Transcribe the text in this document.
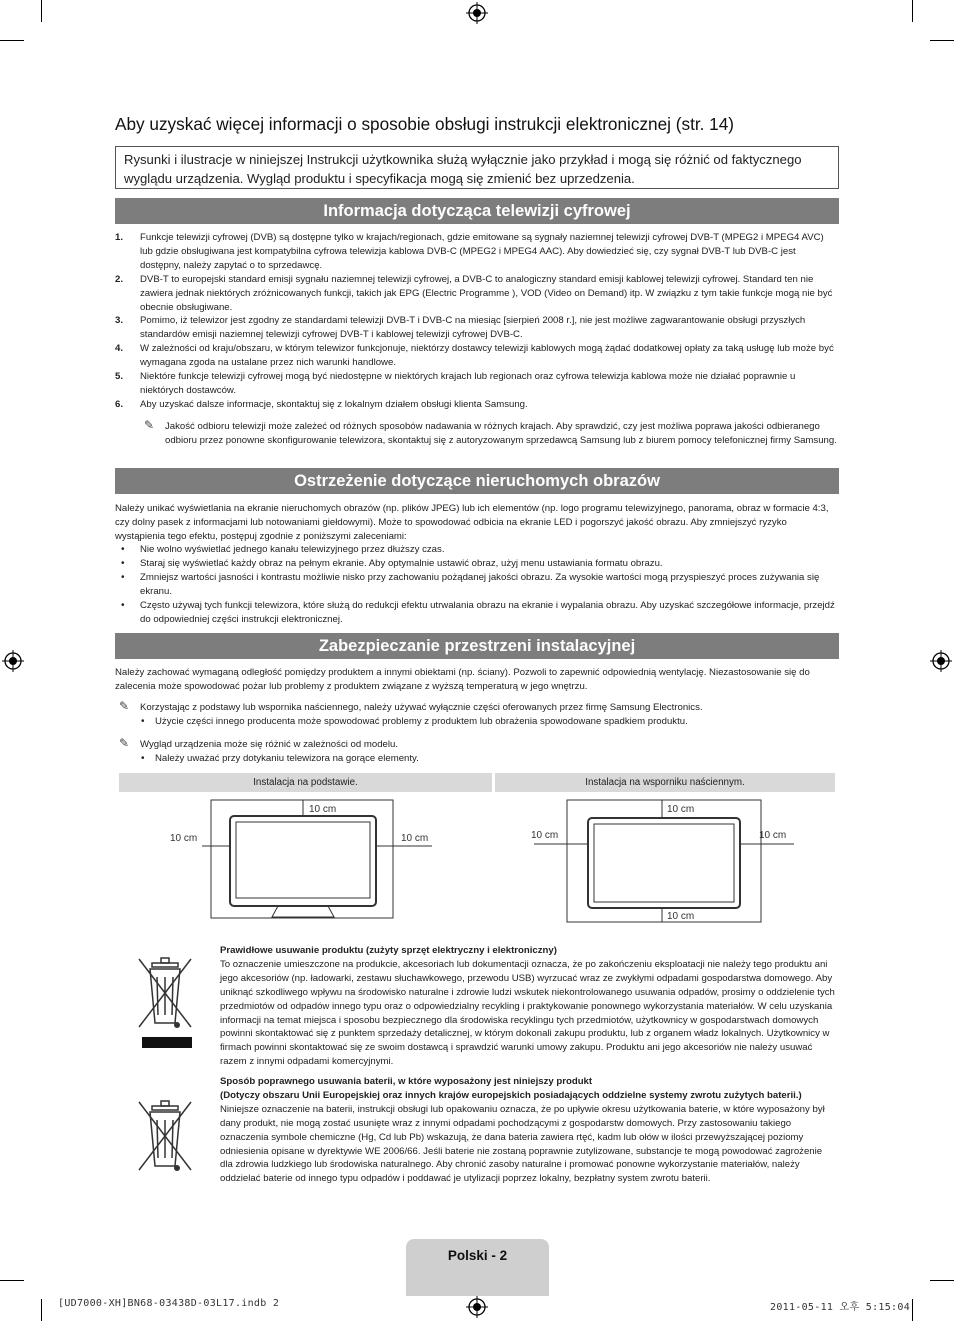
Aby uzyskać więcej informacji o sposobie obsługi instrukcji elektronicznej (str. 14)
Rysunki i ilustracje w niniejszej Instrukcji użytkownika służą wyłącznie jako przykład i mogą się różnić od faktycznego wyglądu urządzenia. Wygląd produktu i specyfikacja mogą się zmienić bez uprzedzenia.
Informacja dotycząca telewizji cyfrowej
1. Funkcje telewizji cyfrowej (DVB) są dostępne tylko w krajach/regionach, gdzie emitowane są sygnały naziemnej telewizji cyfrowej DVB-T (MPEG2 i MPEG4 AVC) lub gdzie obsługiwana jest kompatybilna cyfrowa telewizja kablowa DVB-C (MPEG2 i MPEG4 AAC). Aby dowiedzieć się, czy sygnał DVB-T lub DVB-C jest dostępny, należy zapytać o to sprzedawcę.
2. DVB-T to europejski standard emisji sygnału naziemnej telewizji cyfrowej, a DVB-C to analogiczny standard emisji kablowej telewizji cyfrowej. Standard ten nie zawiera jednak niektórych zróżnicowanych funkcji, takich jak EPG (Electric Programme ), VOD (Video on Demand) itp. W związku z tym takie funkcje mogą nie być obecnie obsługiwane.
3. Pomimo, iż telewizor jest zgodny ze standardami telewizji DVB-T i DVB-C na miesiąc [sierpień 2008 r.], nie jest możliwe zagwarantowanie obsługi przyszłych standardów emisji naziemnej telewizji cyfrowej DVB-T i kablowej telewizji cyfrowej DVB-C.
4. W zależności od kraju/obszaru, w którym telewizor funkcjonuje, niektórzy dostawcy telewizji kablowych mogą żądać dodatkowej opłaty za taką usługę lub może być wymagana zgoda na ustalane przez nich warunki handlowe.
5. Niektóre funkcje telewizji cyfrowej mogą być niedostępne w niektórych krajach lub regionach oraz cyfrowa telewizja kablowa może nie działać poprawnie u niektórych dostawców.
6. Aby uzyskać dalsze informacje, skontaktuj się z lokalnym działem obsługi klienta Samsung.
✎ Jakość odbioru telewizji może zależeć od różnych sposobów nadawania w różnych krajach. Aby sprawdzić, czy jest możliwa poprawa jakości odbieranego odbioru przez ponowne skonfigurowanie telewizora, skontaktuj się z autoryzowanym sprzedawcą Samsung lub z biurem pomocy telefonicznej firmy Samsung.
Ostrzeżenie dotyczące nieruchomych obrazów
Należy unikać wyświetlania na ekranie nieruchomych obrazów (np. plików JPEG) lub ich elementów (np. logo programu telewizyjnego, panorama, obraz w formacie 4:3, czy dolny pasek z informacjami lub notowaniami giełdowymi). Może to spowodować odbicia na ekranie LED i pogorszyć jakość obrazu. Aby zmniejszyć ryzyko wystąpienia tego efektu, postępuj zgodnie z poniższymi zaleceniami:
• Nie wolno wyświetlać jednego kanału telewizyjnego przez dłuższy czas.
• Staraj się wyświetlać każdy obraz na pełnym ekranie. Aby optymalnie ustawić obraz, użyj menu ustawiania formatu obrazu.
• Zmniejsz wartości jasności i kontrastu możliwie nisko przy zachowaniu pożądanej jakości obrazu. Za wysokie wartości mogą przyspieszyć proces zużywania się ekranu.
• Często używaj tych funkcji telewizora, które służą do redukcji efektu utrwalania obrazu na ekranie i wypalania obrazu. Aby uzyskać szczegółowe informacje, przejdź do odpowiedniej części instrukcji elektronicznej.
Zabezpieczanie przestrzeni instalacyjnej
Należy zachować wymaganą odległość pomiędzy produktem a innymi obiektami (np. ściany). Pozwoli to zapewnić odpowiednią wentylację. Niezastosowanie się do zalecenia może spowodować pożar lub problemy z produktem związane z wyższą temperaturą w jego wnętrzu.
✎ Korzystając z podstawy lub wspornika naściennego, należy używać wyłącznie części oferowanych przez firmę Samsung Electronics.
• Użycie części innego producenta może spowodować problemy z produktem lub obrażenia spowodowane spadkiem produktu.
✎ Wygląd urządzenia może się różnić w zależności od modelu.
• Należy uważać przy dotykaniu telewizora na gorące elementy.
Instalacja na podstawie.	Instalacja na wsporniku naściennym.
10 cm
10 cm	10 cm
10 cm
10 cm	10 cm
10 cm
Prawidłowe usuwanie produktu (zużyty sprzęt elektryczny i elektroniczny)
To oznaczenie umieszczone na produkcie, akcesoriach lub dokumentacji oznacza, że po zakończeniu eksploatacji nie należy tego produktu ani jego akcesoriów (np. ładowarki, zestawu słuchawkowego, przewodu USB) wyrzucać wraz ze zwykłymi odpadami gospodarstwa domowego. Aby uniknąć szkodliwego wpływu na środowisko naturalne i zdrowie ludzi wskutek niekontrolowanego usuwania odpadów, prosimy o oddzielenie tych przedmiotów od odpadów innego typu oraz o odpowiedzialny recykling i praktykowanie ponownego wykorzystania materiałów. W celu uzyskania informacji na temat miejsca i sposobu bezpiecznego dla środowiska recyklingu tych przedmiotów, użytkownicy w gospodarstwach domowych powinni skontaktować się z punktem sprzedaży detalicznej, w którym dokonali zakupu produktu, lub z organem władz lokalnych. Użytkownicy w firmach powinni skontaktować się ze swoim dostawcą i sprawdzić warunki umowy zakupu. Produktu ani jego akcesoriów nie należy usuwać razem z innymi odpadami komercyjnymi.
Sposób poprawnego usuwania baterii, w które wyposażony jest niniejszy produkt
(Dotyczy obszaru Unii Europejskiej oraz innych krajów europejskich posiadających oddzielne systemy zwrotu zużytych baterii.)
Niniejsze oznaczenie na baterii, instrukcji obsługi lub opakowaniu oznacza, że po upływie okresu użytkowania baterie, w które wyposażony był dany produkt, nie mogą zostać usunięte wraz z innymi odpadami pochodzącymi z gospodarstw domowych. Przy zastosowaniu takiego oznaczenia symbole chemiczne (Hg, Cd lub Pb) wskazują, że dana bateria zawiera rtęć, kadm lub ołów w ilości przewyższającej poziomy odniesienia opisane w dyrektywie WE 2006/66. Jeśli baterie nie zostaną poprawnie zutylizowane, substancje te mogą powodować zagrożenie dla zdrowia ludzkiego lub środowiska naturalnego. Aby chronić zasoby naturalne i promować ponowne wykorzystanie materiałów, należy oddzielać baterie od innego typu odpadów i poddawać je utylizacji poprzez lokalny, bezpłatny system zwrotu baterii.
Polski - 2
[UD7000-XH]BN68-03438D-03L17.indb 2	2011-05-11 오후 5:15:04
